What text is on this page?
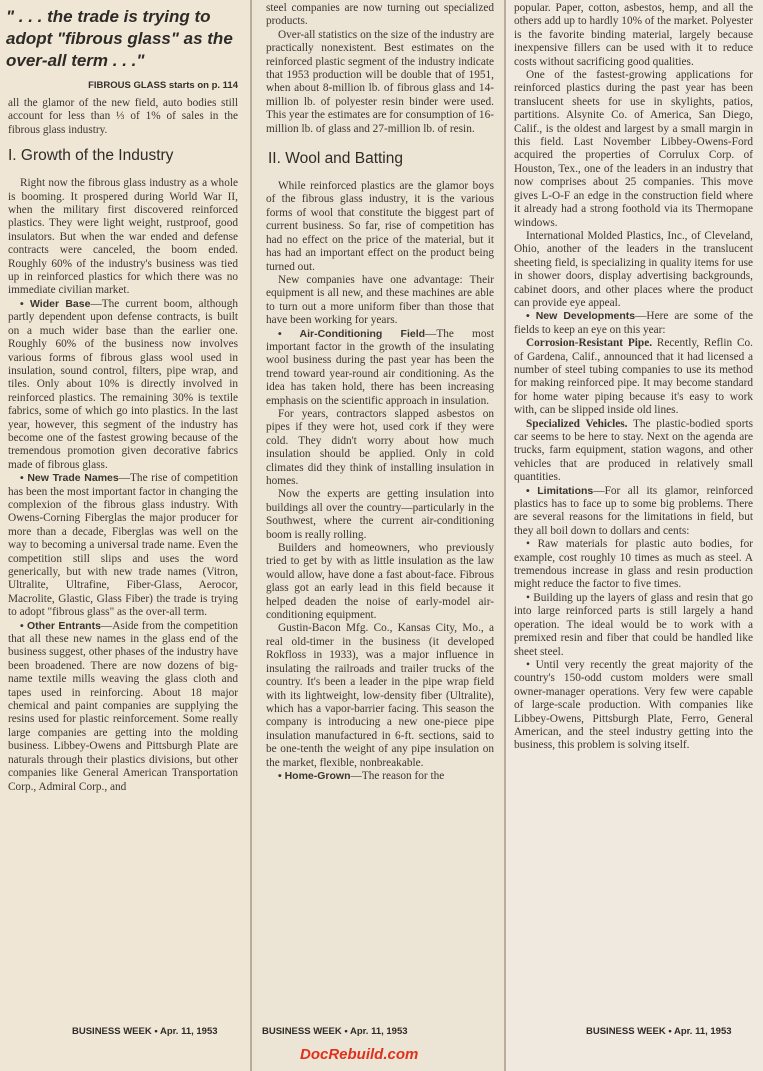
" . . . the trade is trying to adopt "fibrous glass" as the over-all term . . ."
FIBROUS GLASS starts on p. 114

all the glamor of the new field, auto bodies still account for less than ⅓ of 1% of sales in the fibrous glass industry.

I. Growth of the Industry

Right now the fibrous glass industry as a whole is booming. It prospered during World War II, when the military first discovered reinforced plastics. They were light weight, rustproof, good insulators. But when the war ended and defense contracts were canceled, the boom ended. Roughly 60% of the industry's business was tied up in reinforced plastics for which there was no immediate civilian market.

• Wider Base—The current boom, although partly dependent upon defense contracts, is built on a much wider base than the earlier one. Roughly 60% of the business now involves various forms of fibrous glass wool used in insulation, sound control, filters, pipe wrap, and tiles. Only about 10% is directly involved in reinforced plastics. The remaining 30% is textile fabrics, some of which go into plastics. In the last year, however, this segment of the industry has become one of the fastest growing because of the tremendous promotion given decorative fabrics made of fibrous glass.

• New Trade Names—The rise of competition has been the most important factor in changing the complexion of the fibrous glass industry. With Owens-Corning Fiberglas the major producer for more than a decade, Fiberglas was well on the way to becoming a universal trade name. Even the competition still slips and uses the word generically, but with new trade names (Vitron, Ultralite, Ultrafine, Fiber-Glass, Aerocor, Macrolite, Glastic, Glass Fiber) the trade is trying to adopt "fibrous glass" as the over-all term.

• Other Entrants—Aside from the competition that all these new names in the glass end of the business suggest, other phases of the industry have been broadened. There are now dozens of big-name textile mills weaving the glass cloth and tapes used in reinforcing. About 18 major chemical and paint companies are supplying the resins used for plastic reinforcement. Some really large companies are getting into the molding business. Libbey-Owens and Pittsburgh Plate are naturals through their plastics divisions, but other companies like General American Transportation Corp., Admiral Corp., and

BUSINESS WEEK • Apr. 11, 1953

steel companies are now turning out specialized products.

Over-all statistics on the size of the industry are practically nonexistent. Best estimates on the reinforced plastic segment of the industry indicate that 1953 production will be double that of 1951, when about 8-million lb. of fibrous glass and 14-million lb. of polyester resin binder were used. This year the estimates are for consumption of 16-million lb. of glass and 27-million lb. of resin.

II. Wool and Batting

While reinforced plastics are the glamor boys of the fibrous glass industry, it is the various forms of wool that constitute the biggest part of current business. So far, rise of competition has had no effect on the price of the material, but it has had an important effect on the product being turned out.

New companies have one advantage: Their equipment is all new, and these machines are able to turn out a more uniform fiber than those that have been working for years.

• Air-Conditioning Field—The most important factor in the growth of the insulating wool business during the past year has been the trend toward year-round air conditioning. As the idea has taken hold, there has been increasing emphasis on the scientific approach in insulation.

For years, contractors slapped asbestos on pipes if they were hot, used cork if they were cold. They didn't worry about how much insulation should be applied. Only in cold climates did they think of installing insulation in homes.

Now the experts are getting insulation into buildings all over the country—particularly in the Southwest, where the current air-conditioning boom is really rolling.

Builders and homeowners, who previously tried to get by with as little insulation as the law would allow, have done a fast about-face. Fibrous glass got an early lead in this field because it helped deaden the noise of early-model air-conditioning equipment.

Gustin-Bacon Mfg. Co., Kansas City, Mo., a real old-timer in the business (it developed Rokfloss in 1933), was a major influence in insulating the railroads and trailer trucks of the country. It's been a leader in the pipe wrap field with its lightweight, low-density fiber (Ultralite), which has a vapor-barrier facing. This season the company is introducing a new one-piece pipe insulation manufactured in 6-ft. sections, said to be one-tenth the weight of any pipe insulation on the market, flexible, nonbreakable.

• Home-Grown—The reason for the

BUSINESS WEEK • Apr. 11, 1953

popular. Paper, cotton, asbestos, hemp, and all the others add up to hardly 10% of the market. Polyester is the favorite binding material, largely because inexpensive fillers can be used with it to reduce costs without sacrificing good qualities.

One of the fastest-growing applications for reinforced plastics during the past year has been translucent sheets for use in skylights, patios, partitions. Alsynite Co. of America, San Diego, Calif., is the oldest and largest by a small margin in this field. Last November Libbey-Owens-Ford acquired the properties of Corrulux Corp. of Houston, Tex., one of the leaders in an industry that now comprises about 25 companies. This move gives L-O-F an edge in the construction field where it already had a strong foothold via its Thermopane windows.

International Molded Plastics, Inc., of Cleveland, Ohio, another of the leaders in the translucent sheeting field, is specializing in quality items for use in shower doors, display advertising backgrounds, cabinet doors, and other places where the product can provide eye appeal.

• New Developments—Here are some of the fields to keep an eye on this year:

Corrosion-Resistant Pipe. Recently, Reflin Co. of Gardena, Calif., announced that it had licensed a number of steel tubing companies to use its method for making reinforced pipe. It may become standard for home water piping because it's easy to work with, can be slipped inside old lines.

Specialized Vehicles. The plastic-bodied sports car seems to be here to stay. Next on the agenda are trucks, farm equipment, station wagons, and other vehicles that are produced in relatively small quantities.

• Limitations—For all its glamor, reinforced plastics has to face up to some big problems. There are several reasons for the limitations in field, but they all boil down to dollars and cents:

• Raw materials for plastic auto bodies, for example, cost roughly 10 times as much as steel. A tremendous increase in glass and resin production might reduce the factor to five times.

• Building up the layers of glass and resin that go into large reinforced parts is still largely a hand operation. The ideal would be to work with a premixed resin and fiber that could be handled like sheet steel.

• Until very recently the great majority of the country's 150-odd custom molders were small owner-manager operations. Very few were capable of large-scale production. With companies like Libbey-Owens, Pittsburgh Plate, Ferro, General American, and the steel industry getting into the business, this problem is solving itself.

BUSINESS WEEK • Apr. 11, 1953
DocRebuild.com
